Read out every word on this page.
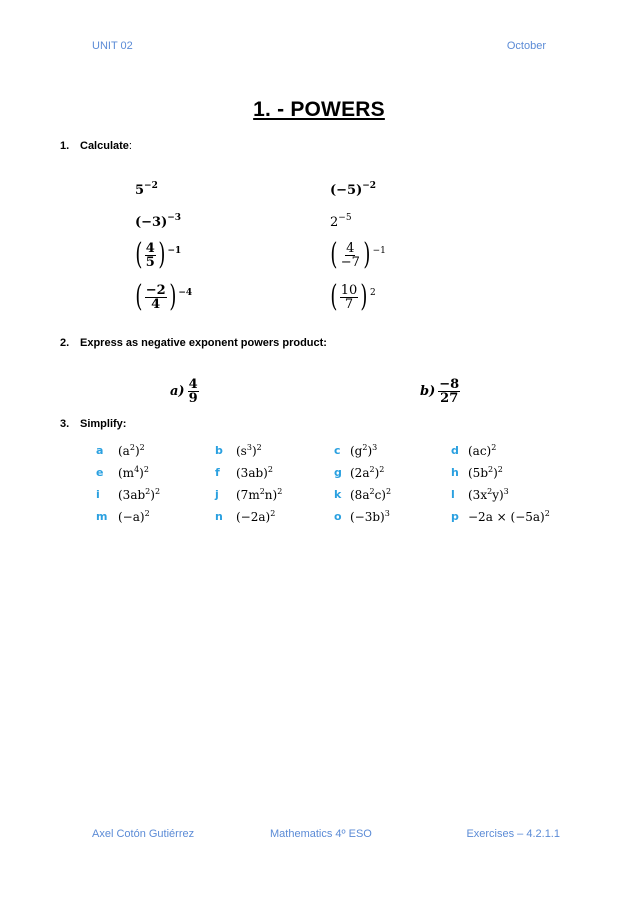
UNIT 02	October
1. - POWERS
1. Calculate:
$5^{-2}$	$(-5)^{-2}$
$(-3)^{-3}$	$2^{-5}$
( $\frac{4}{5}$ ) −1	( $\frac{4}{-7}$ ) −1
( $\frac{-2}{4}$ ) −4	( $\frac{10}{7}$ ) 2
2. Express as negative exponent powers product:
$a) \frac{4}{9}$	$b) \frac{-8}{27}$
3. Simplify:
a $(a^2)^2$	b $(s^3)^2$	c $(g^2)^3$	d (ac)$^2$
e $(m^4)^2$	f $(3ab)^2$	g $(2a^2)^2$	h $(5b^2)^2$
i $(3ab^2)^2$	j $(7m^2n)^2$	k $(8a^2c)^2$	l $(3x^2y)^3$
m $(-a)^2$	n $(-2a)^2$	o $(-3b)^3$	$p -2a \times (-5a)^2$
Axel Cotón Gutiérrez	Mathematics 4º ESO	Exercises – 4.2.1.1
